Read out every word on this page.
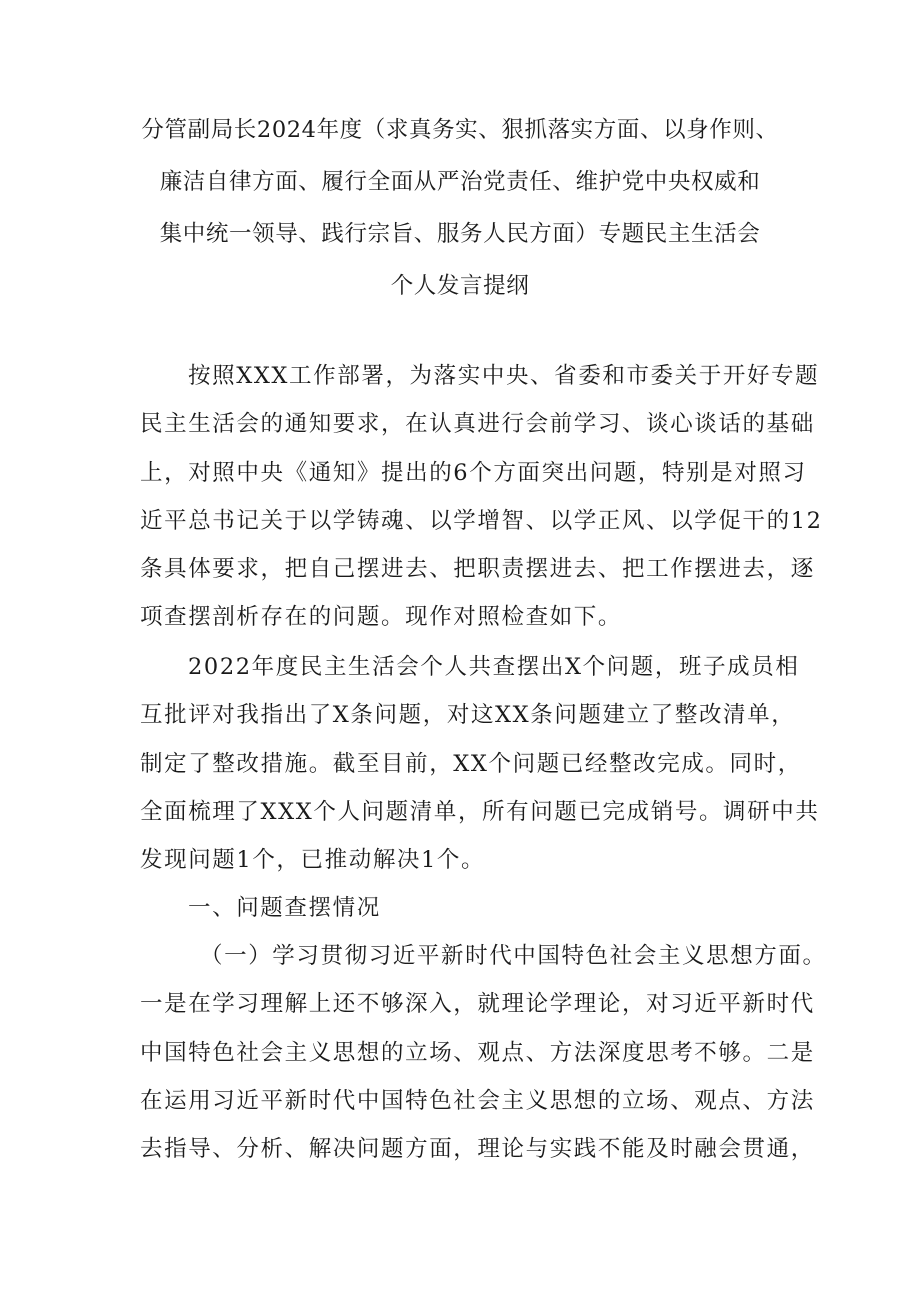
分管副局长2024年度（求真务实、狠抓落实方面、以身作则、
廉洁自律方面、履行全面从严治党责任、维护党中央权威和
集中统一领导、践行宗旨、服务人民方面）专题民主生活会
个人发言提纲
按照XXX工作部署，为落实中央、省委和市委关于开好专题
民主生活会的通知要求，在认真进行会前学习、谈心谈话的基础
上，对照中央《通知》提出的6个方面突出问题，特别是对照习
近平总书记关于以学铸魂、以学增智、以学正风、以学促干的12
条具体要求，把自己摆进去、把职责摆进去、把工作摆进去，逐
项查摆剖析存在的问题。现作对照检查如下。
2022年度民主生活会个人共查摆出X个问题，班子成员相
互批评对我指出了X条问题，对这XX条问题建立了整改清单，
制定了整改措施。截至目前，XX个问题已经整改完成。同时，
全面梳理了XXX个人问题清单，所有问题已完成销号。调研中共
发现问题1个，已推动解决1个。
一、问题查摆情况
（一）学习贯彻习近平新时代中国特色社会主义思想方面。
一是在学习理解上还不够深入，就理论学理论，对习近平新时代
中国特色社会主义思想的立场、观点、方法深度思考不够。二是
在运用习近平新时代中国特色社会主义思想的立场、观点、方法
去指导、分析、解决问题方面，理论与实践不能及时融会贯通，
